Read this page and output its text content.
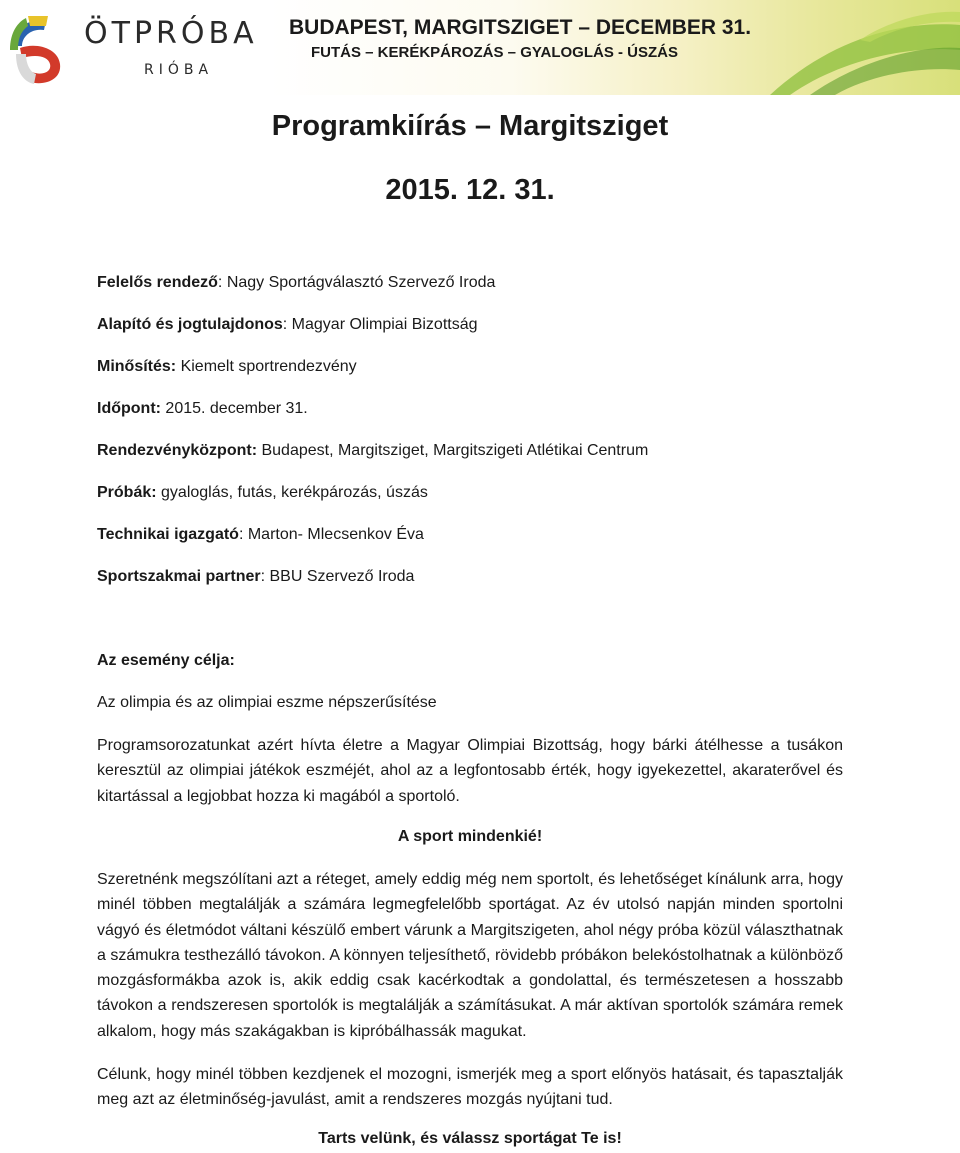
ÖTPRÓBA
RIÓBA
BUDAPEST, MARGITSZIGET – DECEMBER 31.
FUTÁS – KERÉKPÁROZÁS – GYALOGLÁS - ÚSZÁS
Programkiírás – Margitsziget
2015. 12. 31.
Felelős rendező: Nagy Sportágválasztó Szervező Iroda
Alapító és jogtulajdonos: Magyar Olimpiai Bizottság
Minősítés: Kiemelt sportrendezvény
Időpont: 2015. december 31.
Rendezvényközpont: Budapest, Margitsziget, Margitszigeti Atlétikai Centrum
Próbák: gyaloglás, futás, kerékpározás, úszás
Technikai igazgató: Marton- Mlecsenkov Éva
Sportszakmai partner: BBU Szervező Iroda
Az esemény célja:
Az olimpia és az olimpiai eszme népszerűsítése

Programsorozatunkat azért hívta életre a Magyar Olimpiai Bizottság, hogy bárki átélhesse a tusákon keresztül az olimpiai játékok eszméjét, ahol az a legfontosabb érték, hogy igyekezettel, akaraterővel és kitartással a legjobbat hozza ki magából a sportoló.

A sport mindenkié!

Szeretnénk megszólítani azt a réteget, amely eddig még nem sportolt, és lehetőséget kínálunk arra, hogy minél többen megtalálják a számára legmegfelelőbb sportágat. Az év utolsó napján minden sportolni vágyó és életmódot váltani készülő embert várunk a Margitszigeten, ahol négy próba közül választhatnak a számukra testhezálló távokon. A könnyen teljesíthető, rövidebb próbákon belekóstolhatnak a különböző mozgásformákba azok is, akik eddig csak kacérkodtak a gondolattal, és természetesen a hosszabb távokon a rendszeresen sportolók is megtalálják a számításukat. A már aktívan sportolók számára remek alkalom, hogy más szakágakban is kipróbálhassák magukat.

Célunk, hogy minél többen kezdjenek el mozogni, ismerjék meg a sport előnyös hatásait, és tapasztalják meg azt az életminőség-javulást, amit a rendszeres mozgás nyújtani tud.

Tarts velünk, és válassz sportágat Te is!
